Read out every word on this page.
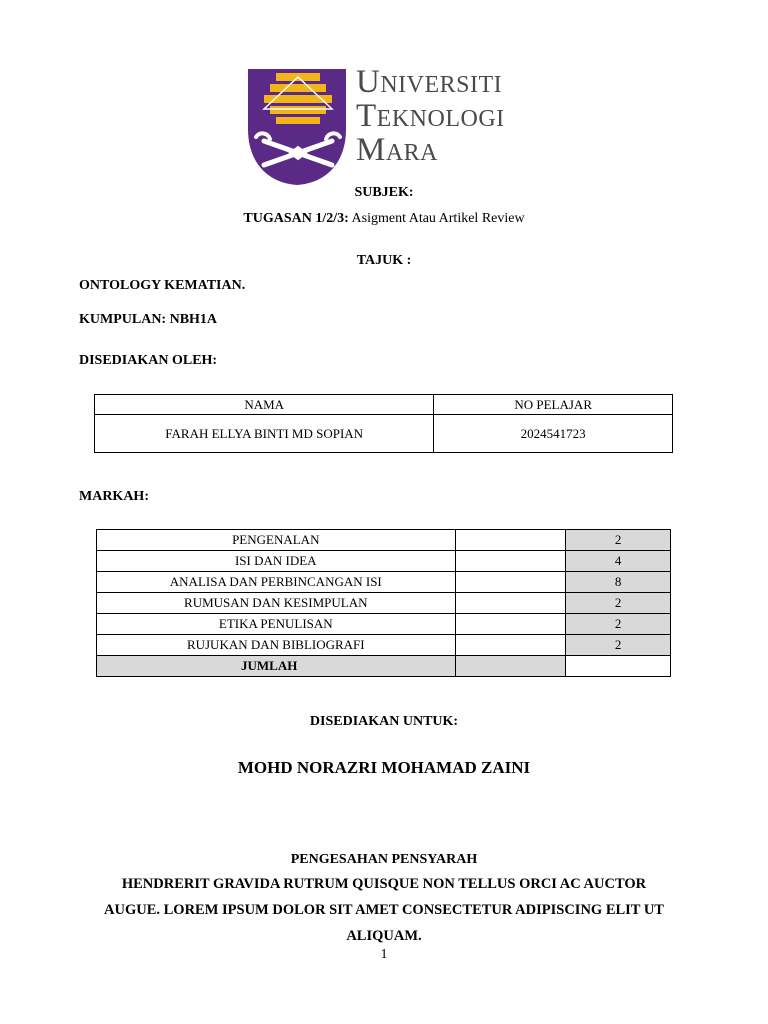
UNIVERSITI
TEKNOLOGI
MARA
SUBJEK:
TUGASAN 1/2/3: Asigment Atau Artikel Review
TAJUK :
ONTOLOGY KEMATIAN.
KUMPULAN: NBH1A
DISEDIAKAN OLEH:
NAMA	NO PELAJAR
FARAH ELLYA BINTI MD SOPIAN	2024541723
MARKAH:
PENGENALAN		2
ISI DAN IDEA		4
ANALISA DAN PERBINCANGAN ISI		8
RUMUSAN DAN KESIMPULAN		2
ETIKA PENULISAN		2
RUJUKAN DAN BIBLIOGRAFI		2
JUMLAH		
DISEDIAKAN UNTUK:
MOHD NORAZRI MOHAMAD ZAINI
PENGESAHAN PENSYARAH
HENDRERIT GRAVIDA RUTRUM QUISQUE NON TELLUS ORCI AC AUCTOR
AUGUE. LOREM IPSUM DOLOR SIT AMET CONSECTETUR ADIPISCING ELIT UT
ALIQUAM.
1
